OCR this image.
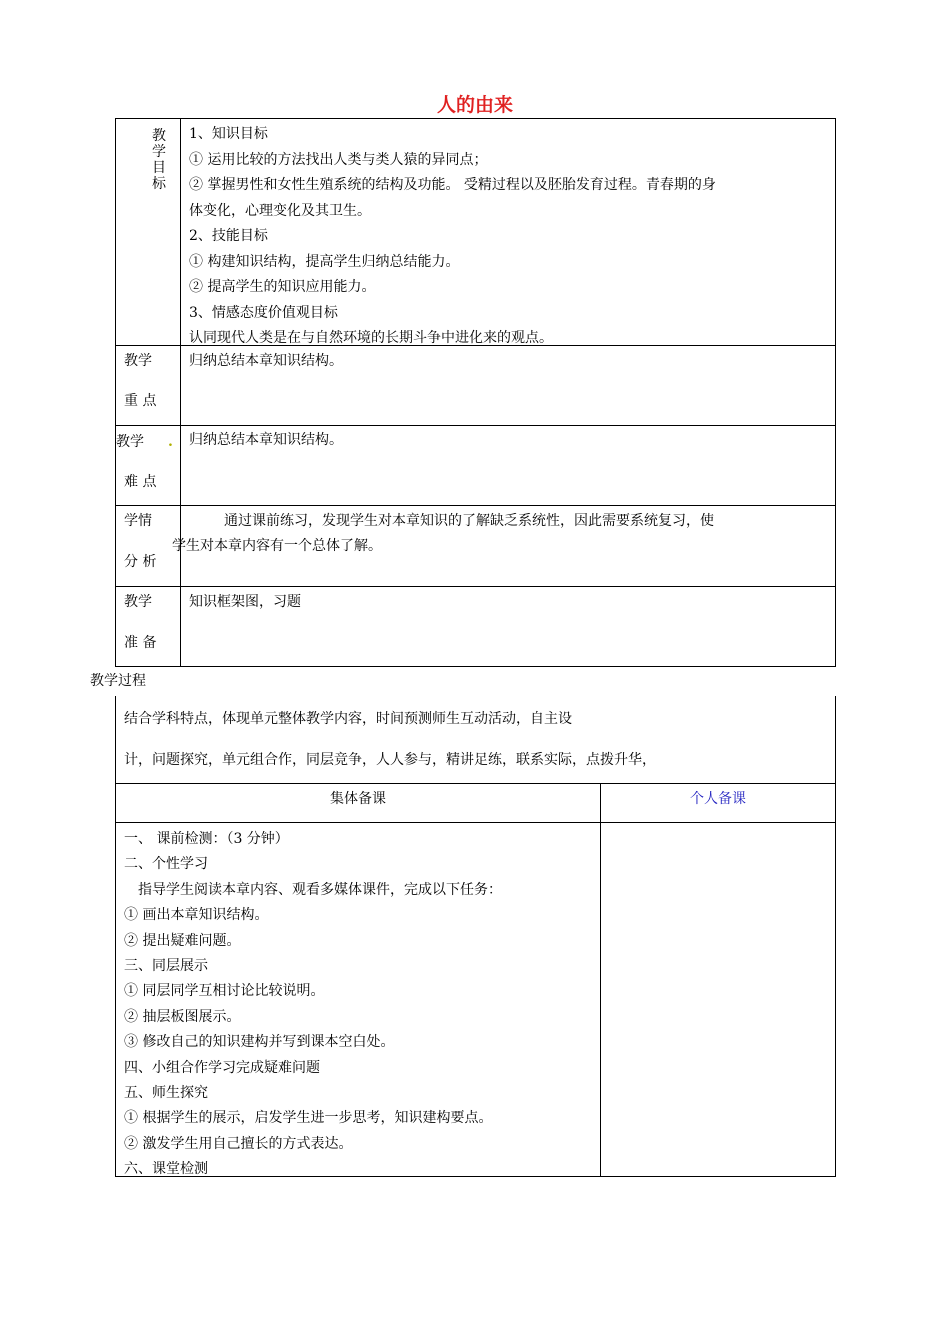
人的由来
教
学
目
标
1、知识目标
① 运用比较的方法找出人类与类人猿的异同点；
② 掌握男性和女性生殖系统的结构及功能。 受精过程以及胚胎发育过程。青春期的身
体变化，心理变化及其卫生。
2、技能目标
① 构建知识结构，提高学生归纳总结能力。
② 提高学生的知识应用能力。
3、情感态度价值观目标
认同现代人类是在与自然环境的长期斗争中进化来的观点。
教学
重 点
归纳总结本章知识结构。
教学 .
难 点
归纳总结本章知识结构。
学情
分 析
通过课前练习，发现学生对本章知识的了解缺乏系统性，因此需要系统复习，使
学生对本章内容有一个总体了解。
教学
准 备
知识框架图，习题
教学过程
结合学科特点，体现单元整体教学内容，时间预测师生互动活动，自主设
计，问题探究，单元组合作，同层竞争，人人参与，精讲足练，联系实际，点拨升华，
集体备课	个人备课
一、 课前检测：（3 分钟）
二、个性学习
　指导学生阅读本章内容、观看多媒体课件，完成以下任务：
① 画出本章知识结构。
② 提出疑难问题。
三、同层展示
① 同层同学互相讨论比较说明。
② 抽层板图展示。
③ 修改自己的知识建构并写到课本空白处。
四、小组合作学习完成疑难问题
五、师生探究
① 根据学生的展示，启发学生进一步思考，知识建构要点。
② 激发学生用自己擅长的方式表达。
六、课堂检测
